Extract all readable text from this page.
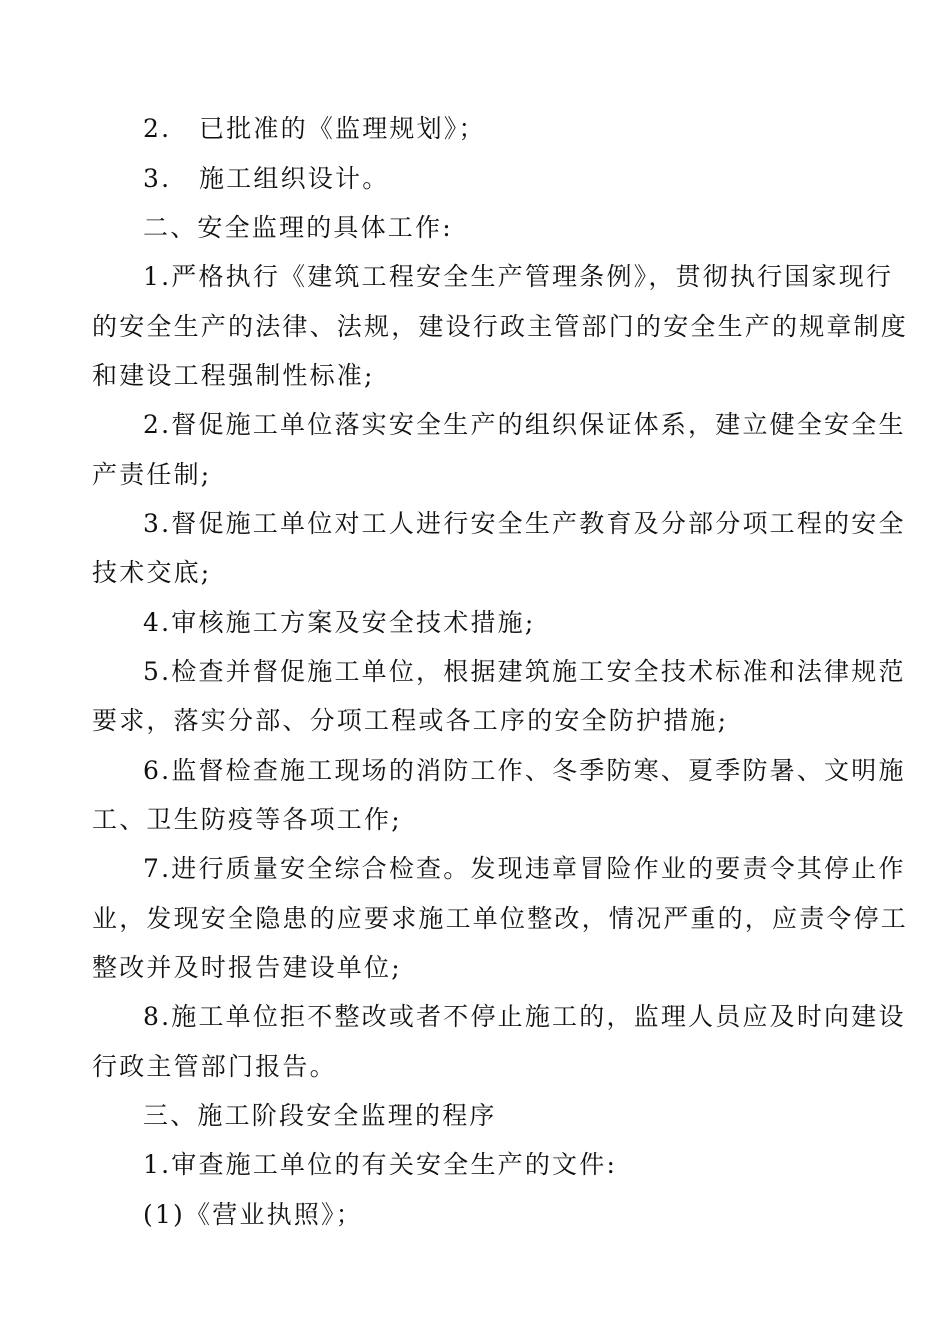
2. 已批准的《监理规划》；
3. 施工组织设计。
二、安全监理的具体工作:
1.严格执行《建筑工程安全生产管理条例》，贯彻执行国家现行
的安全生产的法律、法规，建设行政主管部门的安全生产的规章制度
和建设工程强制性标准;
2.督促施工单位落实安全生产的组织保证体系，建立健全安全生
产责任制;
3.督促施工单位对工人进行安全生产教育及分部分项工程的安全
技术交底;
4.审核施工方案及安全技术措施;
5.检查并督促施工单位，根据建筑施工安全技术标准和法律规范
要求，落实分部、分项工程或各工序的安全防护措施;
6.监督检查施工现场的消防工作、冬季防寒、夏季防暑、文明施
工、卫生防疫等各项工作;
7.进行质量安全综合检查。发现违章冒险作业的要责令其停止作
业，发现安全隐患的应要求施工单位整改，情况严重的，应责令停工
整改并及时报告建设单位;
8.施工单位拒不整改或者不停止施工的，监理人员应及时向建设
行政主管部门报告。
三、施工阶段安全监理的程序
1.审查施工单位的有关安全生产的文件:
(1)《营业执照》；
